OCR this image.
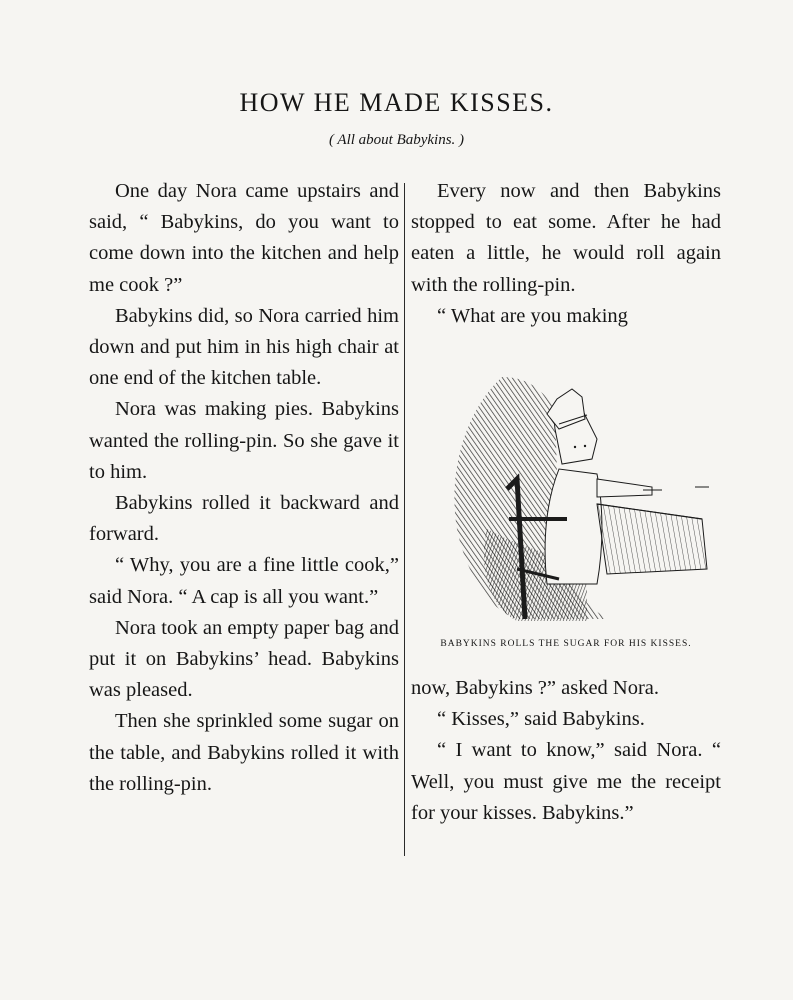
HOW HE MADE KISSES.
( All about Babykins. )

One day Nora came upstairs and said, “ Babykins, do you want to come down into the kitchen and help me cook ?”

Babykins did, so Nora carried him down and put him in his high chair at one end of the kitchen table.

Nora was making pies. Babykins wanted the rolling-pin. So she gave it to him.

Babykins rolled it backward and forward.

“ Why, you are a fine little cook,” said Nora. “ A cap is all you want.”

Nora took an empty paper bag and put it on Babykins’ head. Babykins was pleased.

Then she sprinkled some sugar on the table, and Babykins rolled it with the rolling-pin.

Every now and then Babykins stopped to eat some. After he had eaten a little, he would roll again with the rolling-pin.

“ What are you making

BABYKINS ROLLS THE SUGAR FOR HIS KISSES.

now, Babykins ?” asked Nora.

“ Kisses,” said Babykins.

“ I want to know,” said Nora. “ Well, you must give me the receipt for your kisses. Babykins.”
